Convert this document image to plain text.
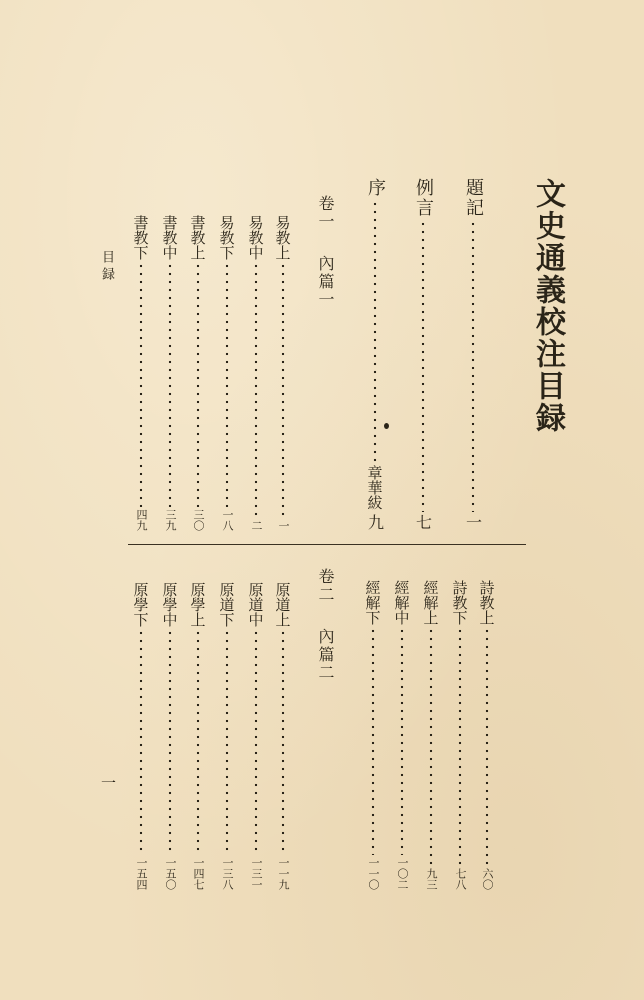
文史通義校注目録
目録
一
題記
一
例言
七
序
章華紱
九
卷一內篇一
易教上
一
易教中
二
易教下
一八
書教上
三〇
書教中
三九
書教下
四九
詩教上
六〇
詩教下
七八
經解上
九三
經解中
一〇二
經解下
一一〇
卷二內篇二
原道上
一一九
原道中
一三一
原道下
一三八
原學上
一四七
原學中
一五〇
原學下
一五四
